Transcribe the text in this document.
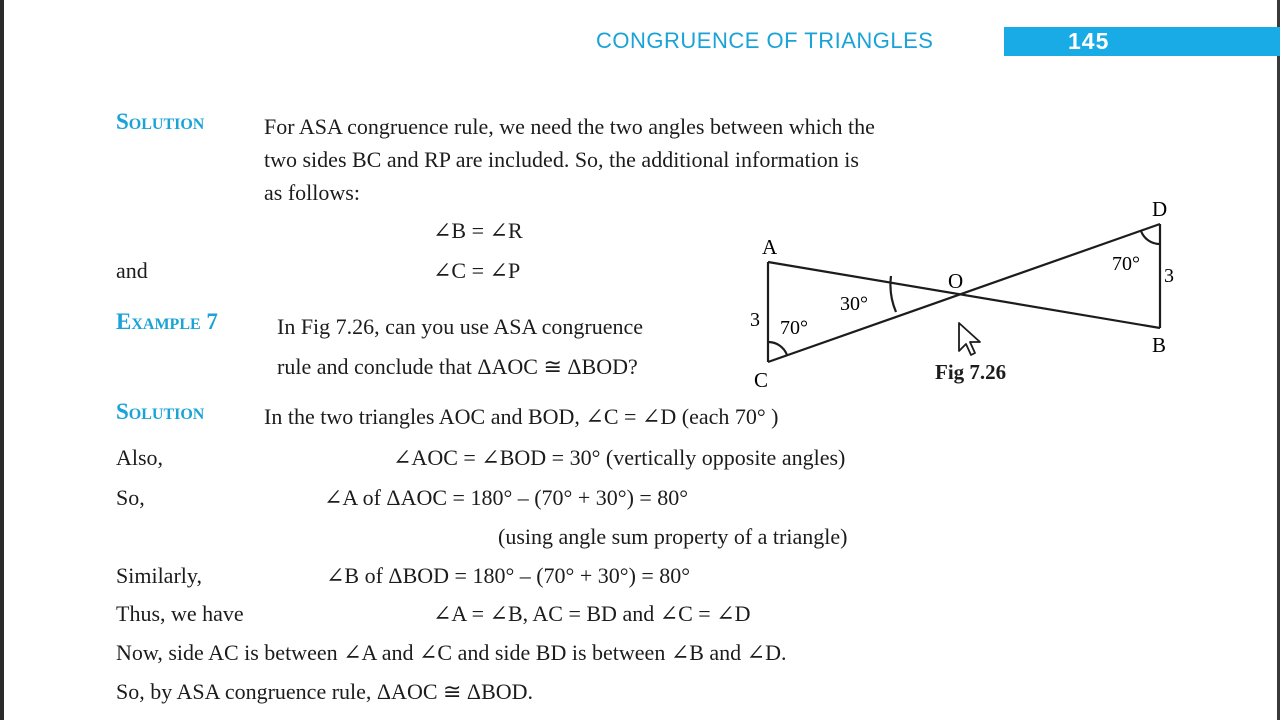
CONGRUENCE OF TRIANGLES	145
Solution	For ASA congruence rule, we need the two angles between which the
two sides BC and RP are included. So, the additional information is
as follows:
∠B = ∠R
and	∠C = ∠P
Example 7	In Fig 7.26, can you use ASA congruence
rule and conclude that ΔAOC ≅ ΔBOD?
A
C
D
B
O
3
3
70°
70°
30°
Fig 7.26
Solution	In the two triangles AOC and BOD, ∠C = ∠D (each 70° )
Also,	∠AOC = ∠BOD = 30° (vertically opposite angles)
So,	∠A of ΔAOC = 180° – (70° + 30°) = 80°
(using angle sum property of a triangle)
Similarly,	∠B of ΔBOD = 180° – (70° + 30°) = 80°
Thus, we have	∠A = ∠B, AC = BD and ∠C = ∠D
Now, side AC is between ∠A and ∠C and side BD is between ∠B and ∠D.
So, by ASA congruence rule, ΔAOC ≅ ΔBOD.
